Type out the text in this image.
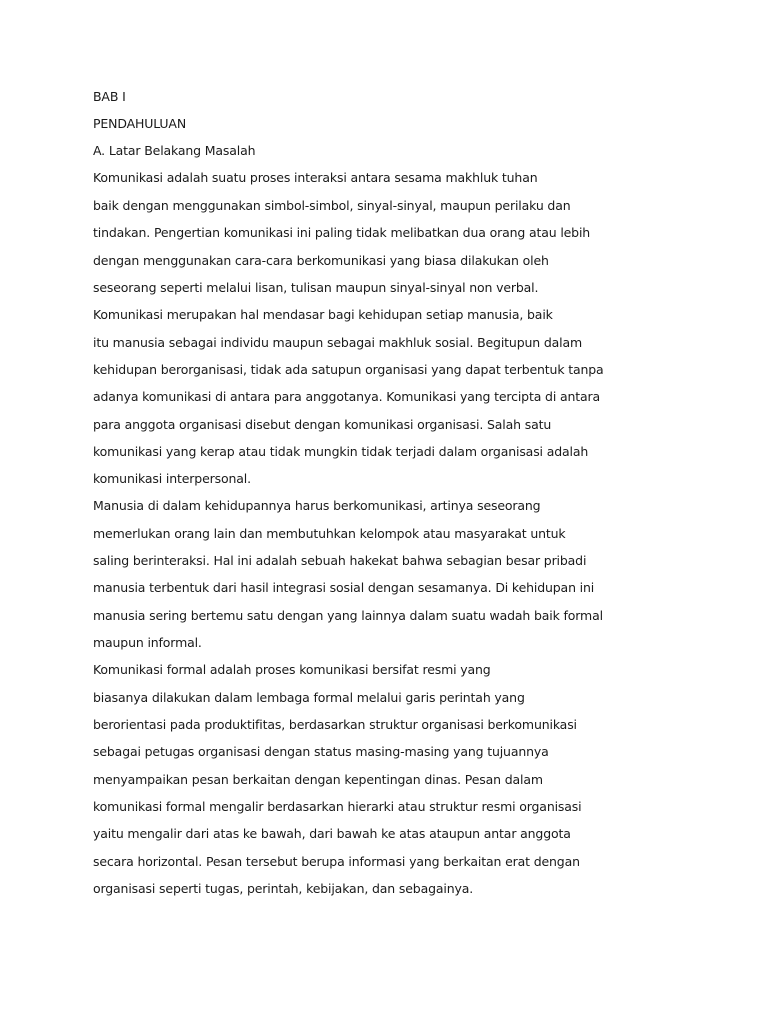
BAB I
PENDAHULUAN
A. Latar Belakang Masalah
Komunikasi adalah suatu proses interaksi antara sesama makhluk tuhan
baik dengan menggunakan simbol-simbol, sinyal-sinyal, maupun perilaku dan
tindakan. Pengertian komunikasi ini paling tidak melibatkan dua orang atau lebih
dengan menggunakan cara-cara berkomunikasi yang biasa dilakukan oleh
seseorang seperti melalui lisan, tulisan maupun sinyal-sinyal non verbal.
Komunikasi merupakan hal mendasar bagi kehidupan setiap manusia, baik
itu manusia sebagai individu maupun sebagai makhluk sosial. Begitupun dalam
kehidupan berorganisasi, tidak ada satupun organisasi yang dapat terbentuk tanpa
adanya komunikasi di antara para anggotanya. Komunikasi yang tercipta di antara
para anggota organisasi disebut dengan komunikasi organisasi. Salah satu
komunikasi yang kerap atau tidak mungkin tidak terjadi dalam organisasi adalah
komunikasi interpersonal.
Manusia di dalam kehidupannya harus berkomunikasi, artinya seseorang
memerlukan orang lain dan membutuhkan kelompok atau masyarakat untuk
saling berinteraksi. Hal ini adalah sebuah hakekat bahwa sebagian besar pribadi
manusia terbentuk dari hasil integrasi sosial dengan sesamanya. Di kehidupan ini
manusia sering bertemu satu dengan yang lainnya dalam suatu wadah baik formal
maupun informal.
Komunikasi formal adalah proses komunikasi bersifat resmi yang
biasanya dilakukan dalam lembaga formal melalui garis perintah yang
berorientasi pada produktifitas, berdasarkan struktur organisasi berkomunikasi
sebagai petugas organisasi dengan status masing-masing yang tujuannya
menyampaikan pesan berkaitan dengan kepentingan dinas. Pesan dalam
komunikasi formal mengalir berdasarkan hierarki atau struktur resmi organisasi
yaitu mengalir dari atas ke bawah, dari bawah ke atas ataupun antar anggota
secara horizontal. Pesan tersebut berupa informasi yang berkaitan erat dengan
organisasi seperti tugas, perintah, kebijakan, dan sebagainya.
